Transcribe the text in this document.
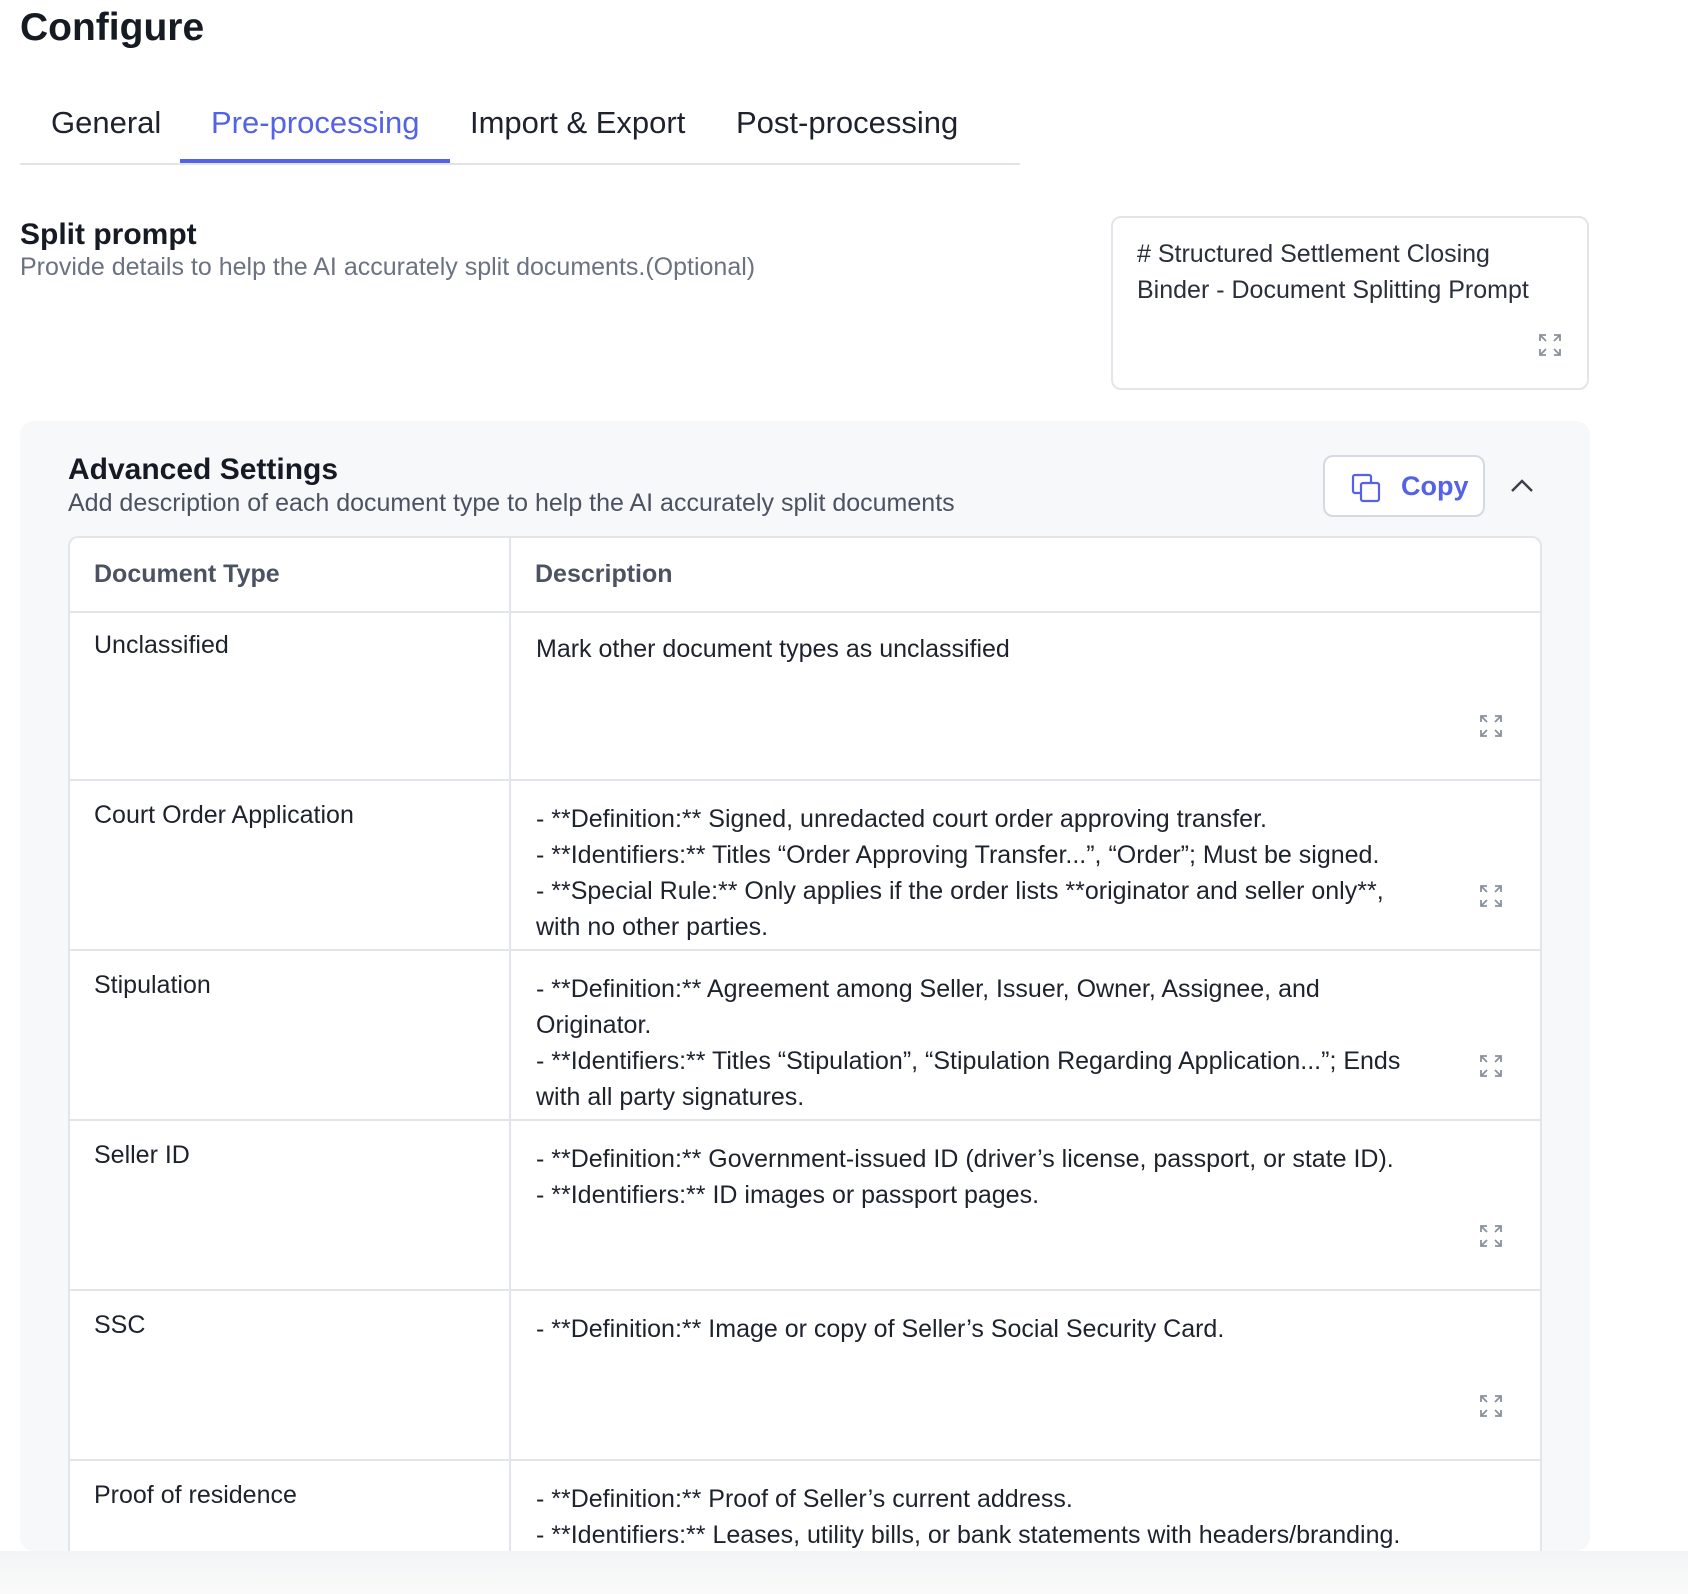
Configure
General Pre-processing Import & Export Post-processing
Split prompt
Provide details to help the AI accurately split documents.(Optional)	# Structured Settlement Closing Binder - Document Splitting Prompt
Advanced Settings
Add description of each document type to help the AI accurately split documents
Copy
Document Type	Description
Unclassified	Mark other document types as unclassified
Court Order Application	- **Definition:** Signed, unredacted court order approving transfer.
- **Identifiers:** Titles “Order Approving Transfer...”, “Order”; Must be signed.
- **Special Rule:** Only applies if the order lists **originator and seller only**,
with no other parties.
Stipulation	- **Definition:** Agreement among Seller, Issuer, Owner, Assignee, and
Originator.
- **Identifiers:** Titles “Stipulation”, “Stipulation Regarding Application...”; Ends
with all party signatures.
Seller ID	- **Definition:** Government-issued ID (driver’s license, passport, or state ID).
- **Identifiers:** ID images or passport pages.
SSC	- **Definition:** Image or copy of Seller’s Social Security Card.
Proof of residence	- **Definition:** Proof of Seller’s current address.
- **Identifiers:** Leases, utility bills, or bank statements with headers/branding.
